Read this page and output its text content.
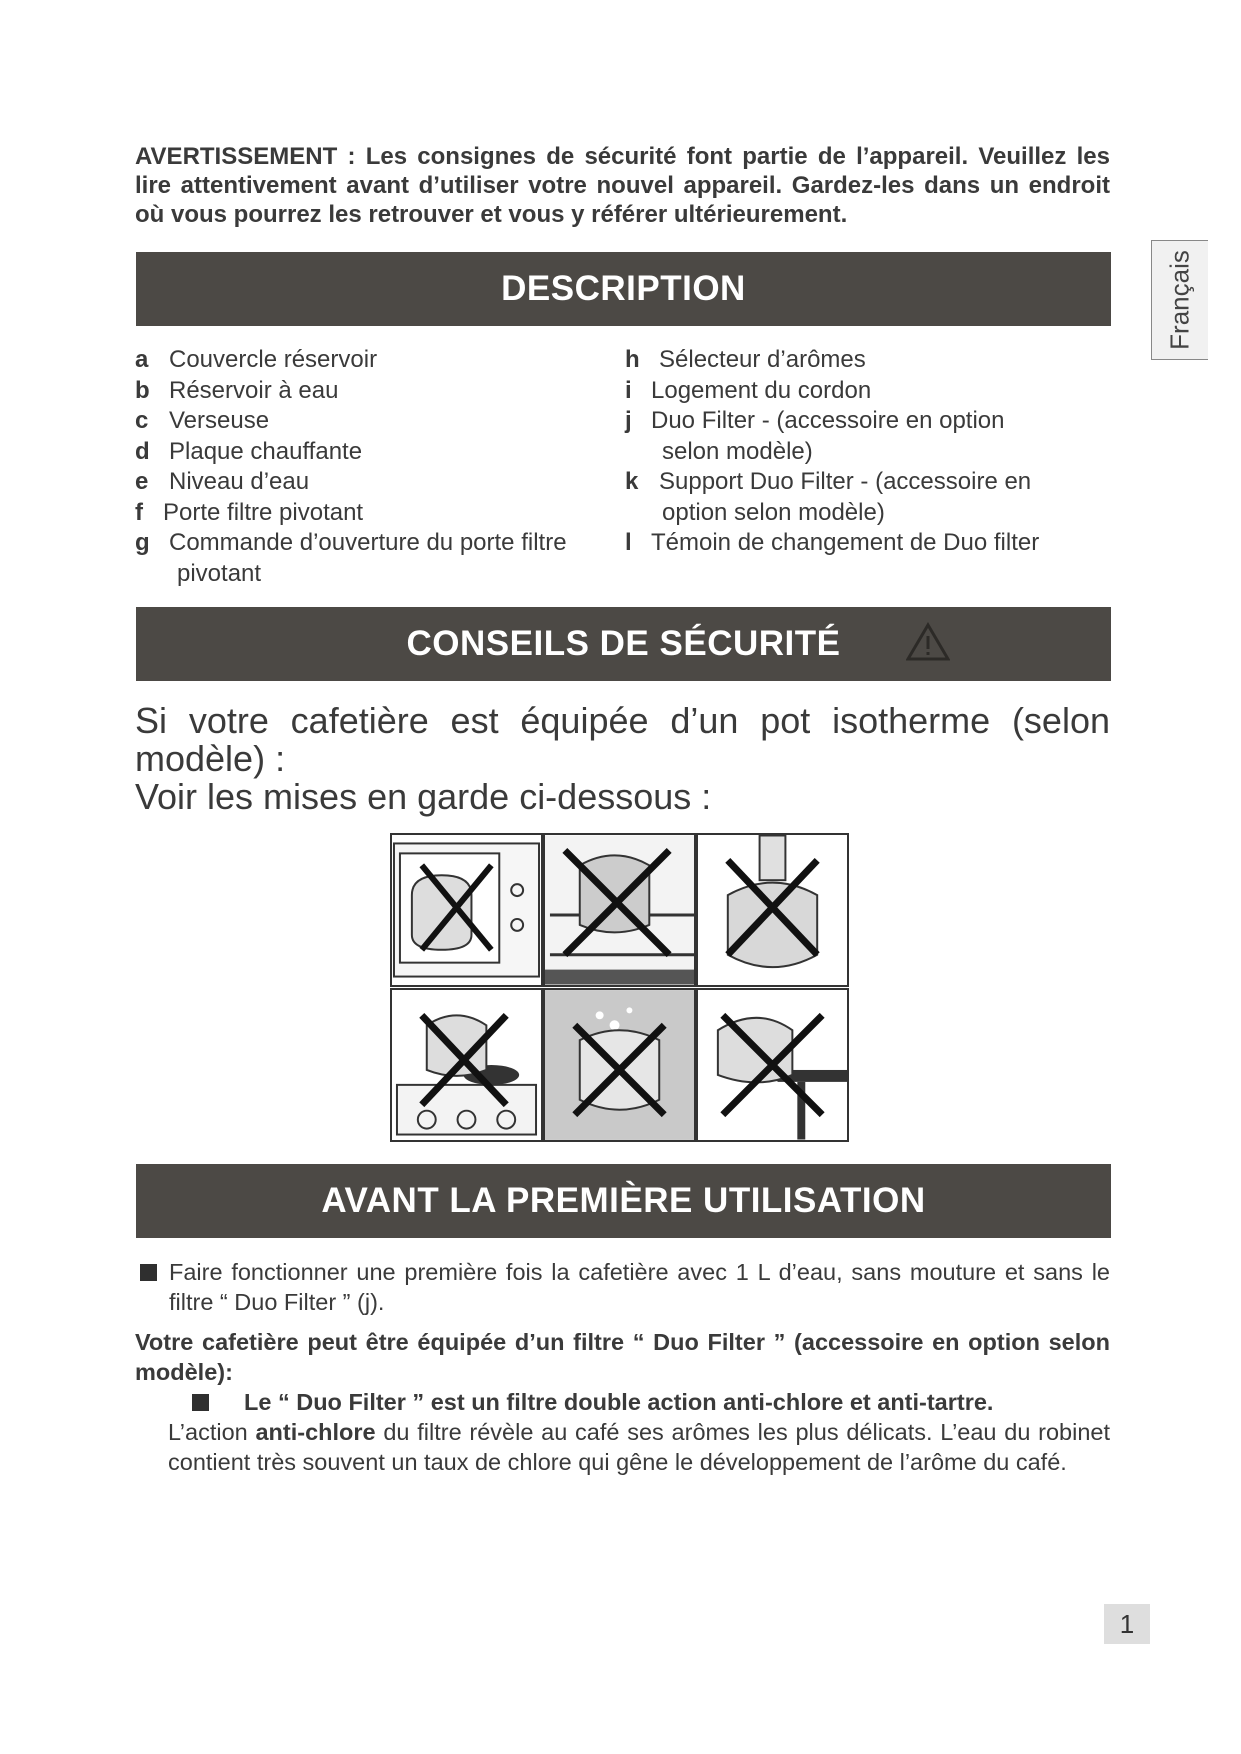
AVERTISSEMENT : Les consignes de sécurité font partie de l’appareil. Veuillez les lire attentivement avant d’utiliser votre nouvel appareil. Gardez-les dans un endroit où vous pourrez les retrouver et vous y référer ultérieurement.
Français
DESCRIPTION
a Couvercle réservoir
b Réservoir à eau
c Verseuse
d Plaque chauffante
e Niveau d’eau
f Porte filtre pivotant
g Commande d’ouverture du porte filtre
pivotant
h Sélecteur d’arômes
i Logement du cordon
j Duo Filter - (accessoire en option
selon modèle)
k Support Duo Filter - (accessoire en
option selon modèle)
l Témoin de changement de Duo filter
CONSEILS DE SÉCURITÉ

Si votre cafetière est équipée d’un pot isotherme (selon modèle) :

Voir les mises en garde ci-dessous :

AVANT LA PREMIÈRE UTILISATION
Faire fonctionner une première fois la cafetière avec 1 L d’eau, sans mouture et sans le filtre “ Duo Filter ” (j).
Votre cafetière peut être équipée d’un filtre “ Duo Filter ” (accessoire en option selon modèle):
Le “ Duo Filter ” est un filtre double action anti-chlore et anti-tartre.
L’action anti-chlore du filtre révèle au café ses arômes les plus délicats. L’eau du robinet contient très souvent un taux de chlore qui gêne le développement de l’arôme du café.
1
